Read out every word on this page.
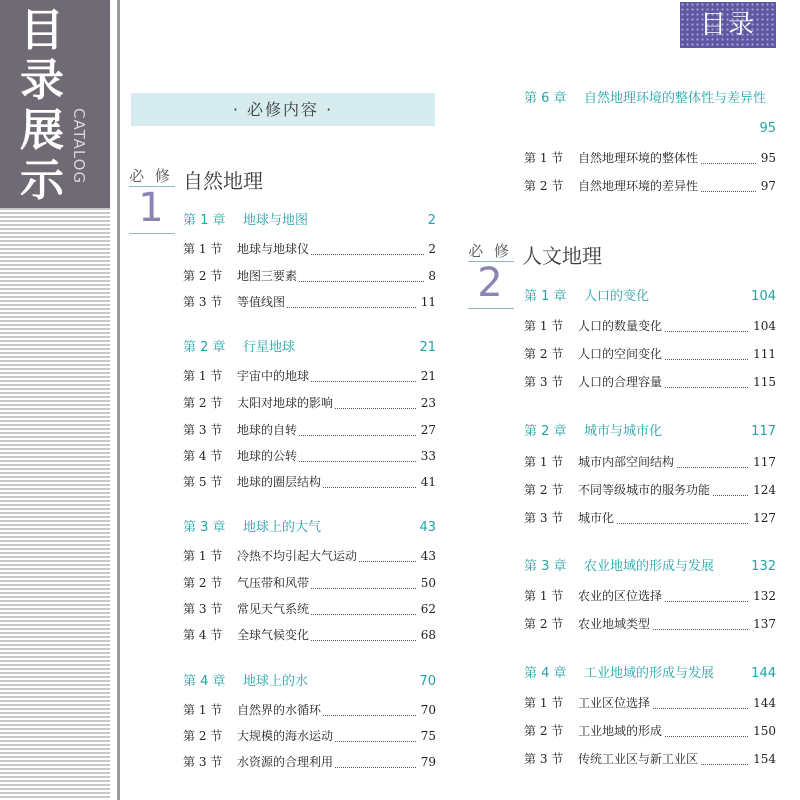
目
录
展
示 CATALOG
目录
· 必修内容 ·
必 修
1
自然地理
第 1 章 地球与地图	2
第 1 节 地球与地球仪	2
第 2 节 地图三要素	8
第 3 节 等值线图	11
第 2 章 行星地球	21
第 1 节 宇宙中的地球	21
第 2 节 太阳对地球的影响	23
第 3 节 地球的自转	27
第 4 节 地球的公转	33
第 5 节 地球的圈层结构	41
第 3 章 地球上的大气	43
第 1 节 冷热不均引起大气运动	43
第 2 节 气压带和风带	50
第 3 节 常见天气系统	62
第 4 节 全球气候变化	68
第 4 章 地球上的水	70
第 1 节 自然界的水循环	70
第 2 节 大规模的海水运动	75
第 3 节 水资源的合理利用	79
第 6 章 自然地理环境的整体性与差异性
95
第 1 节 自然地理环境的整体性	95
第 2 节 自然地理环境的差异性	97
必 修
2
人文地理
第 1 章 人口的变化	104
第 1 节 人口的数量变化	104
第 2 节 人口的空间变化	111
第 3 节 人口的合理容量	115
第 2 章 城市与城市化	117
第 1 节 城市内部空间结构	117
第 2 节 不同等级城市的服务功能	124
第 3 节 城市化	127
第 3 章 农业地域的形成与发展	132
第 1 节 农业的区位选择	132
第 2 节 农业地域类型	137
第 4 章 工业地域的形成与发展	144
第 1 节 工业区位选择	144
第 2 节 工业地域的形成	150
第 3 节 传统工业区与新工业区	154
